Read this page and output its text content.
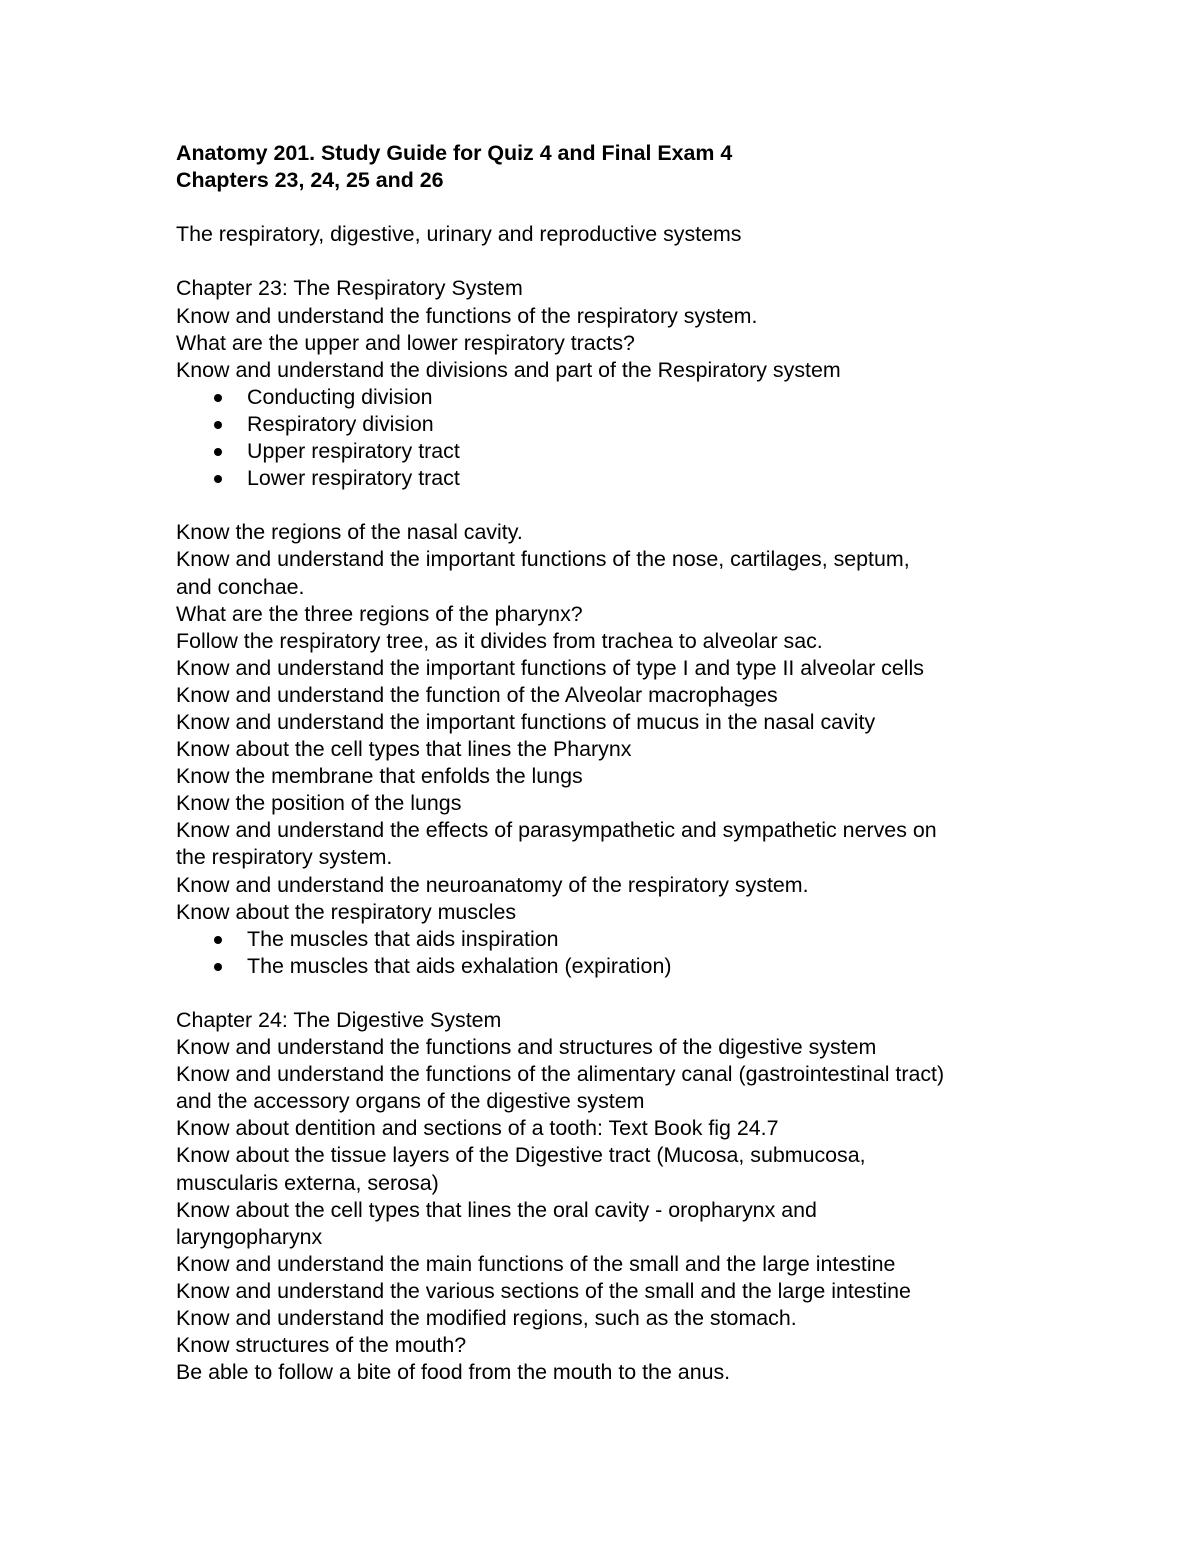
Anatomy 201. Study Guide for Quiz 4 and Final Exam 4
Chapters 23, 24, 25 and 26
The respiratory, digestive, urinary and reproductive systems
Chapter 23: The Respiratory System
Know and understand the functions of the respiratory system.
What are the upper and lower respiratory tracts?
Know and understand the divisions and part of the Respiratory system
Conducting division
Respiratory division
Upper respiratory tract
Lower respiratory tract
Know the regions of the nasal cavity.
Know and understand the important functions of the nose, cartilages, septum,
and conchae.
What are the three regions of the pharynx?
Follow the respiratory tree, as it divides from trachea to alveolar sac.
Know and understand the important functions of type I and type II alveolar cells
Know and understand the function of the Alveolar macrophages
Know and understand the important functions of mucus in the nasal cavity
Know about the cell types that lines the Pharynx
Know the membrane that enfolds the lungs
Know the position of the lungs
Know and understand the effects of parasympathetic and sympathetic nerves on
the respiratory system.
Know and understand the neuroanatomy of the respiratory system.
Know about the respiratory muscles
The muscles that aids inspiration
The muscles that aids exhalation (expiration)
Chapter 24: The Digestive System
Know and understand the functions and structures of the digestive system
Know and understand the functions of the alimentary canal (gastrointestinal tract)
and the accessory organs of the digestive system
Know about dentition and sections of a tooth: Text Book fig 24.7
Know about the tissue layers of the Digestive tract (Mucosa, submucosa,
muscularis externa, serosa)
Know about the cell types that lines the oral cavity - oropharynx and
laryngopharynx
Know and understand the main functions of the small and the large intestine
Know and understand the various sections of the small and the large intestine
Know and understand the modified regions, such as the stomach.
Know structures of the mouth?
Be able to follow a bite of food from the mouth to the anus.
